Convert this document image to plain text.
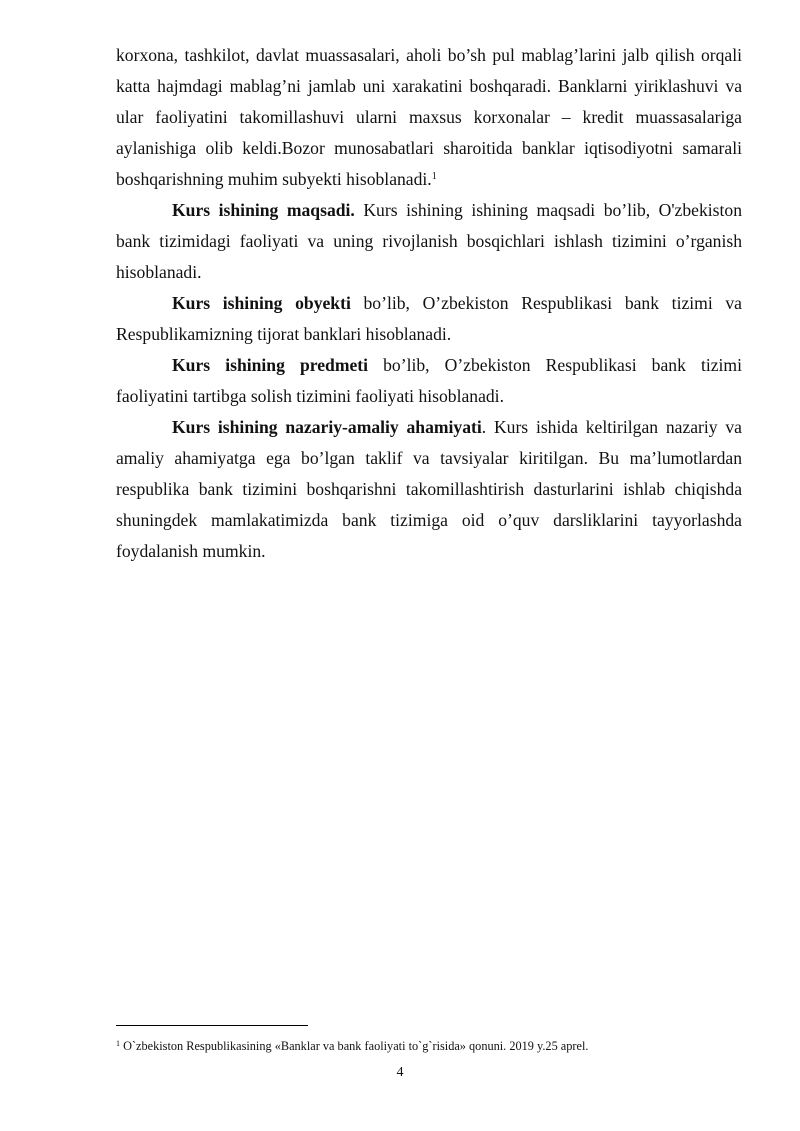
korxona, tashkilot, davlat muassasalari, aholi bo’sh pul mablag’larini jalb qilish orqali katta hajmdagi mablag’ni jamlab uni xarakatini boshqaradi. Banklarni yiriklashuvi va ular faoliyatini takomillashuvi ularni maxsus korxonalar – kredit muassasalariga aylanishiga olib keldi.Bozor munosabatlari sharoitida banklar iqtisodiyotni samarali boshqarishning muhim subyekti hisoblanadi.$^1$

Kurs ishining maqsadi. Kurs ishining ishining maqsadi bo’lib, O'zbekiston bank tizimidagi faoliyati va uning rivojlanish bosqichlari ishlash tizimini o’rganish hisoblanadi.

Kurs ishining obyekti bo’lib, O’zbekiston Respublikasi bank tizimi va Respublikamizning tijorat banklari hisoblanadi.

Kurs ishining predmeti bo’lib, O’zbekiston Respublikasi bank tizimi faoliyatini tartibga solish tizimini faoliyati hisoblanadi.

Kurs ishining nazariy-amaliy ahamiyati. Kurs ishida keltirilgan nazariy va amaliy ahamiyatga ega bo’lgan taklif va tavsiyalar kiritilgan. Bu ma’lumotlardan respublika bank tizimini boshqarishni takomillashtirish dasturlarini ishlab chiqishda shuningdek mamlakatimizda bank tizimiga oid o’quv darsliklarini tayyorlashda foydalanish mumkin.

$^1$ O`zbekiston Respublikasining «Banklar va bank faoliyati to`g`risida» qonuni. 2019 y.25 aprel.
4
